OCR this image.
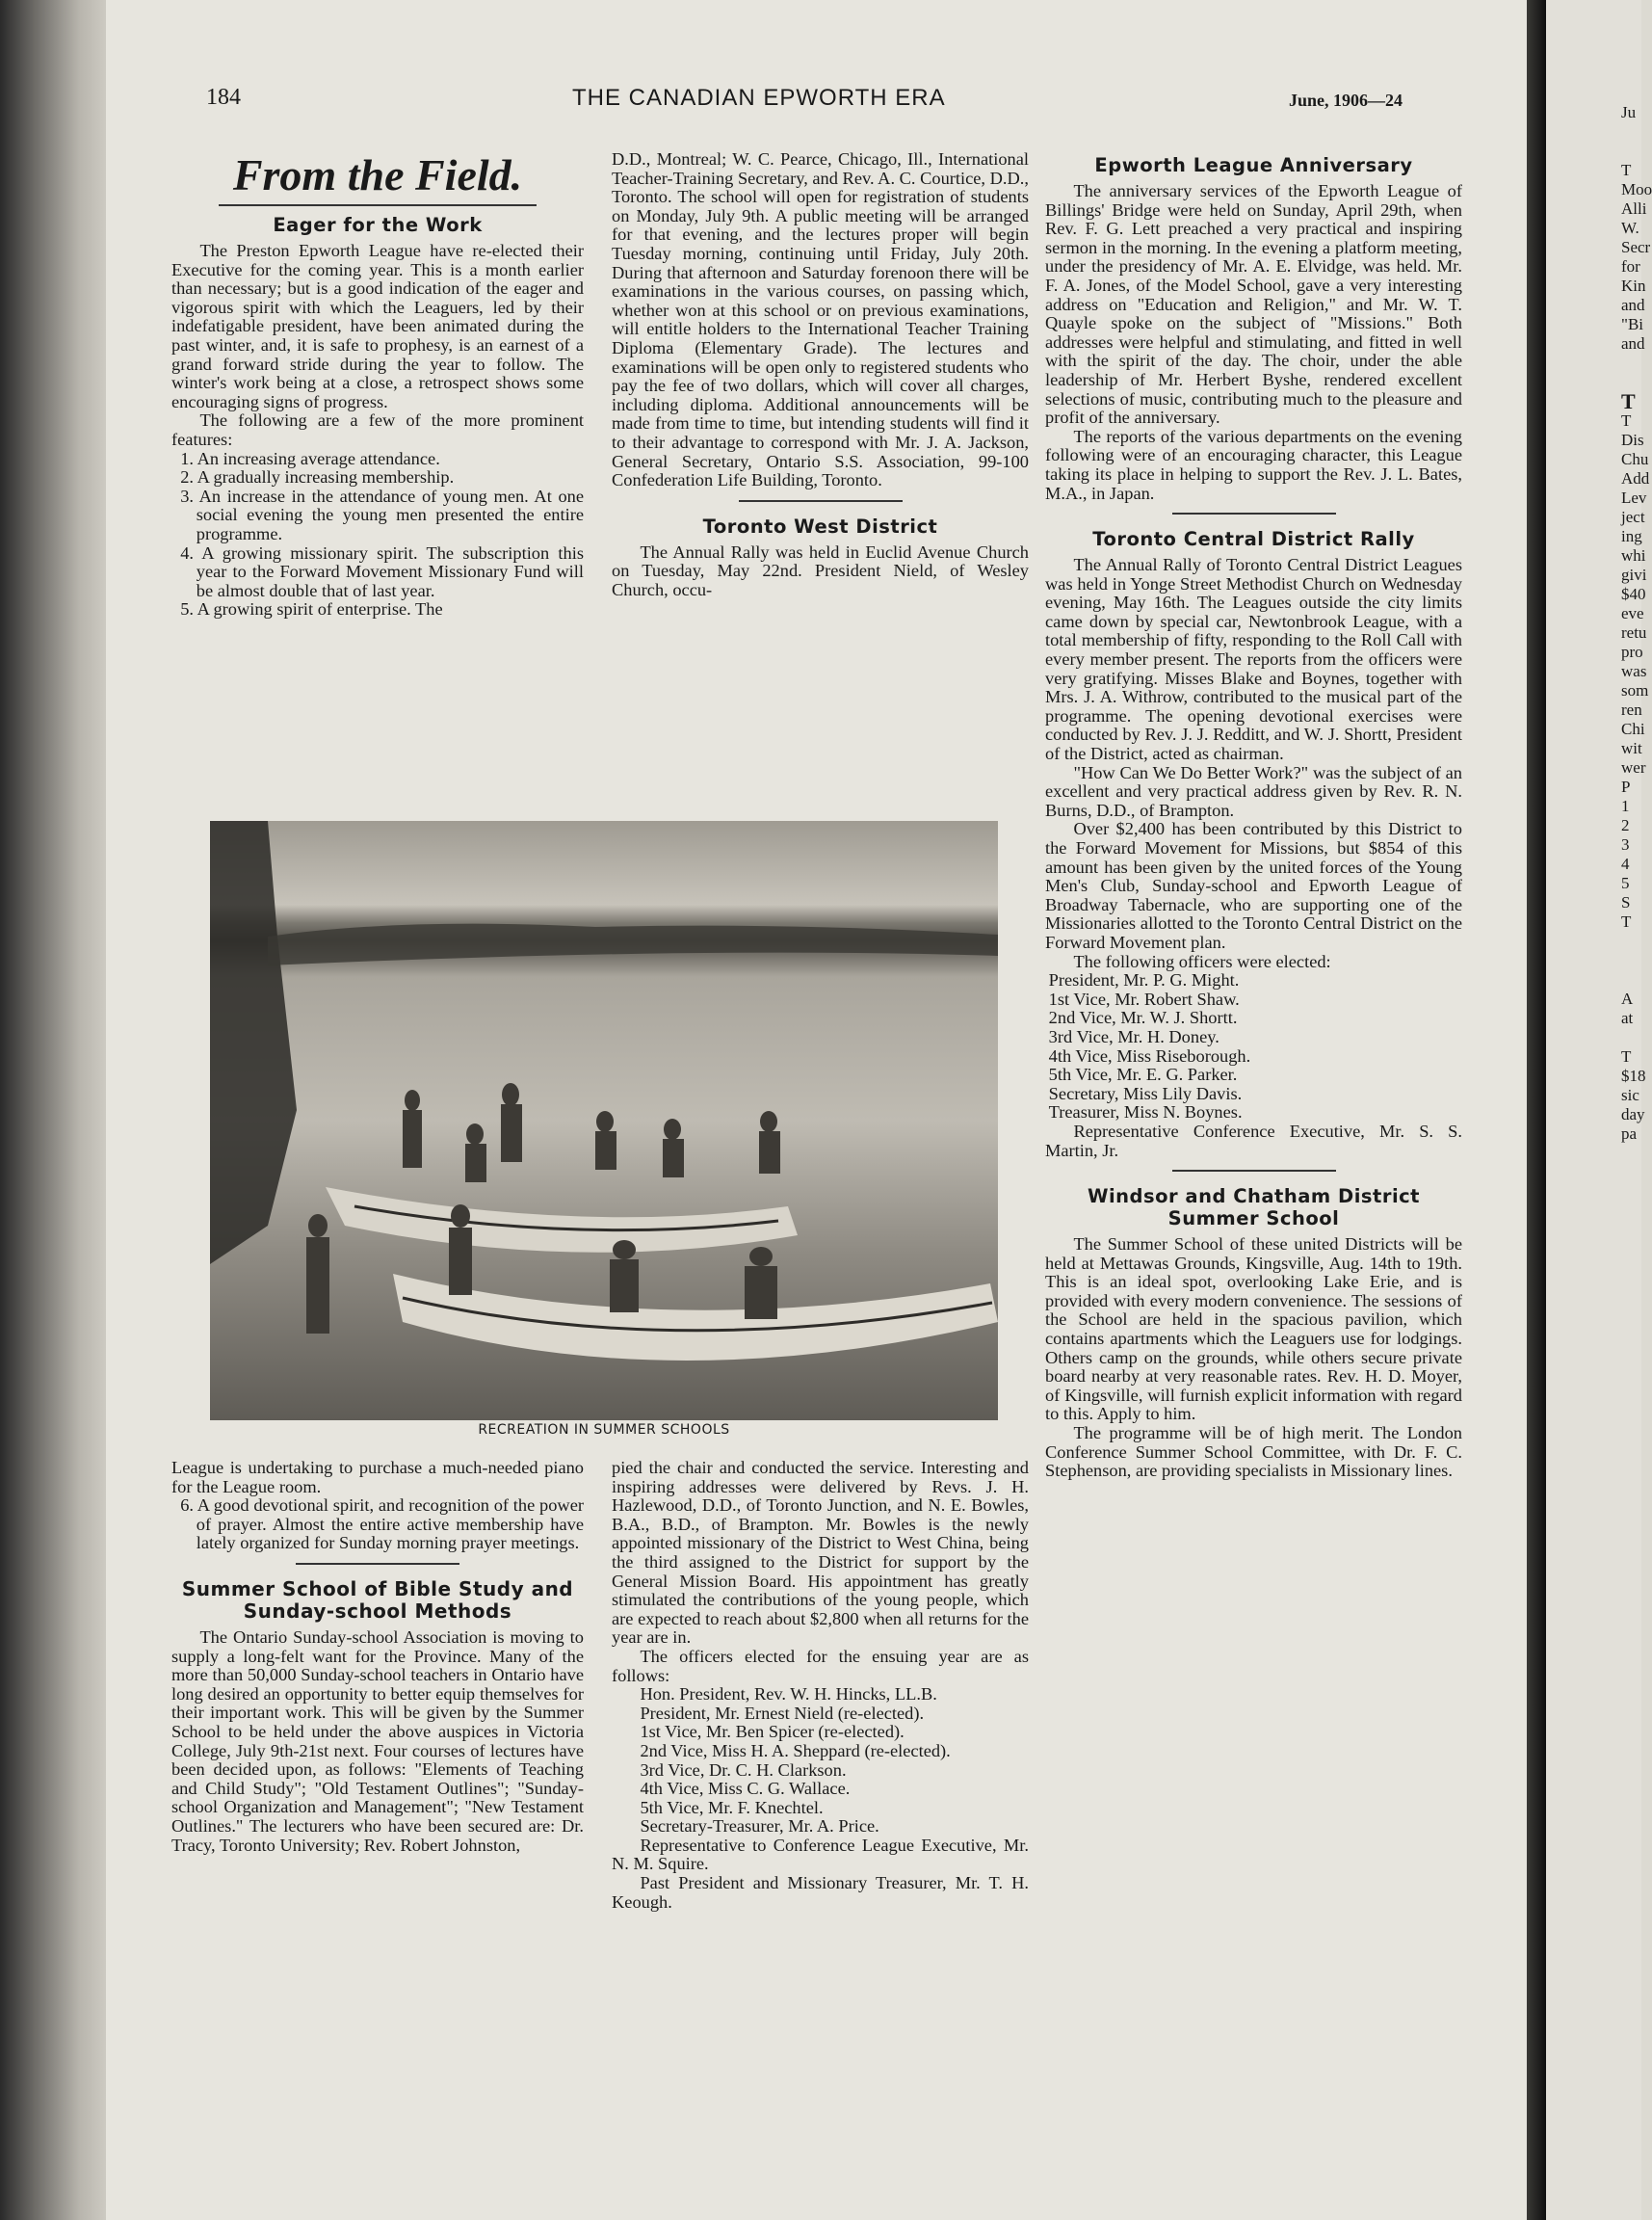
184	THE CANADIAN EPWORTH ERA	June, 1906—24
From the Field.
Eager for the Work

The Preston Epworth League have re-elected their Executive for the coming year. This is a month earlier than necessary; but is a good indication of the eager and vigorous spirit with which the Leaguers, led by their indefatigable president, have been animated during the past winter, and, it is safe to prophesy, is an earnest of a grand forward stride during the year to follow. The winter's work being at a close, a retrospect shows some encouraging signs of progress.

The following are a few of the more prominent features:

1. An increasing average attendance.

2. A gradually increasing membership.

3. An increase in the attendance of young men. At one social evening the young men presented the entire programme.

4. A growing missionary spirit. The subscription this year to the Forward Movement Missionary Fund will be almost double that of last year.

5. A growing spirit of enterprise. The

D.D., Montreal; W. C. Pearce, Chicago, Ill., International Teacher-Training Secretary, and Rev. A. C. Courtice, D.D., Toronto. The school will open for registration of students on Monday, July 9th. A public meeting will be arranged for that evening, and the lectures proper will begin Tuesday morning, continuing until Friday, July 20th. During that afternoon and Saturday forenoon there will be examinations in the various courses, on passing which, whether won at this school or on previous examinations, will entitle holders to the International Teacher Training Diploma (Elementary Grade). The lectures and examinations will be open only to registered students who pay the fee of two dollars, which will cover all charges, including diploma. Additional announcements will be made from time to time, but intending students will find it to their advantage to correspond with Mr. J. A. Jackson, General Secretary, Ontario S.S. Association, 99-100 Confederation Life Building, Toronto.

Toronto West District

The Annual Rally was held in Euclid Avenue Church on Tuesday, May 22nd. President Nield, of Wesley Church, occu-

Epworth League Anniversary

The anniversary services of the Epworth League of Billings' Bridge were held on Sunday, April 29th, when Rev. F. G. Lett preached a very practical and inspiring sermon in the morning. In the evening a platform meeting, under the presidency of Mr. A. E. Elvidge, was held. Mr. F. A. Jones, of the Model School, gave a very interesting address on "Education and Religion," and Mr. W. T. Quayle spoke on the subject of "Missions." Both addresses were helpful and stimulating, and fitted in well with the spirit of the day. The choir, under the able leadership of Mr. Herbert Byshe, rendered excellent selections of music, contributing much to the pleasure and profit of the anniversary.

The reports of the various departments on the evening following were of an encouraging character, this League taking its place in helping to support the Rev. J. L. Bates, M.A., in Japan.

Toronto Central District Rally

The Annual Rally of Toronto Central District Leagues was held in Yonge Street Methodist Church on Wednesday evening, May 16th. The Leagues outside the city limits came down by special car, Newtonbrook League, with a total membership of fifty, responding to the Roll Call with every member present. The reports from the officers were very gratifying. Misses Blake and Boynes, together with Mrs. J. A. Withrow, contributed to the musical part of the programme. The opening devotional exercises were conducted by Rev. J. J. Redditt, and W. J. Shortt, President of the District, acted as chairman.

"How Can We Do Better Work?" was the subject of an excellent and very practical address given by Rev. R. N. Burns, D.D., of Brampton.

Over $2,400 has been contributed by this District to the Forward Movement for Missions, but $854 of this amount has been given by the united forces of the Young Men's Club, Sunday-school and Epworth League of Broadway Tabernacle, who are supporting one of the Missionaries allotted to the Toronto Central District on the Forward Movement plan.

The following officers were elected:

President, Mr. P. G. Might.

1st Vice, Mr. Robert Shaw.

2nd Vice, Mr. W. J. Shortt.

3rd Vice, Mr. H. Doney.

4th Vice, Miss Riseborough.

5th Vice, Mr. E. G. Parker.

Secretary, Miss Lily Davis.

Treasurer, Miss N. Boynes.

Representative Conference Executive, Mr. S. S. Martin, Jr.

Windsor and Chatham District Summer School

The Summer School of these united Districts will be held at Mettawas Grounds, Kingsville, Aug. 14th to 19th. This is an ideal spot, overlooking Lake Erie, and is provided with every modern convenience. The sessions of the School are held in the spacious pavilion, which contains apartments which the Leaguers use for lodgings. Others camp on the grounds, while others secure private board nearby at very reasonable rates. Rev. H. D. Moyer, of Kingsville, will furnish explicit information with regard to this. Apply to him.

The programme will be of high merit. The London Conference Summer School Committee, with Dr. F. C. Stephenson, are providing specialists in Missionary lines.

RECREATION IN SUMMER SCHOOLS

League is undertaking to purchase a much-needed piano for the League room.

6. A good devotional spirit, and recognition of the power of prayer. Almost the entire active membership have lately organized for Sunday morning prayer meetings.

Summer School of Bible Study and Sunday-school Methods

The Ontario Sunday-school Association is moving to supply a long-felt want for the Province. Many of the more than 50,000 Sunday-school teachers in Ontario have long desired an opportunity to better equip themselves for their important work. This will be given by the Summer School to be held under the above auspices in Victoria College, July 9th-21st next. Four courses of lectures have been decided upon, as follows: "Elements of Teaching and Child Study"; "Old Testament Outlines"; "Sunday-school Organization and Management"; "New Testament Outlines." The lecturers who have been secured are: Dr. Tracy, Toronto University; Rev. Robert Johnston,

pied the chair and conducted the service. Interesting and inspiring addresses were delivered by Revs. J. H. Hazlewood, D.D., of Toronto Junction, and N. E. Bowles, B.A., B.D., of Brampton. Mr. Bowles is the newly appointed missionary of the District to West China, being the third assigned to the District for support by the General Mission Board. His appointment has greatly stimulated the contributions of the young people, which are expected to reach about $2,800 when all returns for the year are in.

The officers elected for the ensuing year are as follows:

Hon. President, Rev. W. H. Hincks, LL.B.

President, Mr. Ernest Nield (re-elected).

1st Vice, Mr. Ben Spicer (re-elected).

2nd Vice, Miss H. A. Sheppard (re-elected).

3rd Vice, Dr. C. H. Clarkson.

4th Vice, Miss C. G. Wallace.

5th Vice, Mr. F. Knechtel.

Secretary-Treasurer, Mr. A. Price.

Representative to Conference League Executive, Mr. N. M. Squire.

Past President and Missionary Treasurer, Mr. T. H. Keough.

Ju
T
Moo
Alli
W.
Secr
for
Kin
and
"Bi
and

T
T
Dis
Chu
Add
Lev
ject
ing
whi
givi
$40
eve
retu
pro
was
som
ren
Chi
wit
wer
P
1
2
3
4
5
S
T

A
at

T
$18
sic
day
pa
